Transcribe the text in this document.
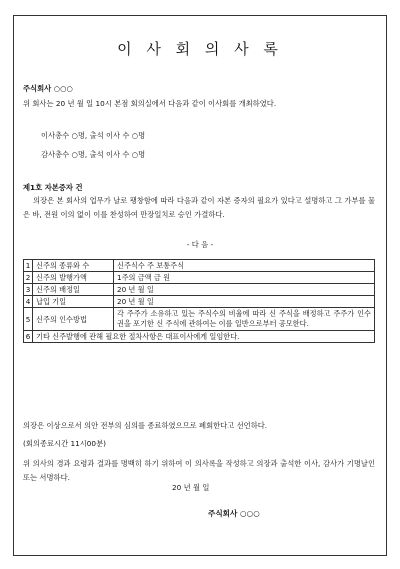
이 사 회 의 사 록
주식회사 ○○○
위 회사는 20 년 월 일 10시 본점 회의실에서 다음과 같이 이사회를 개최하였다.
이사총수 ○명, 출석 이사 수 ○명
감사총수 ○명, 출석 이사 수 ○명
제1호 자본증자 건
의장은 본 회사의 업무가 날로 팽창함에 따라 다음과 같이 자본 증자의 필요가 있다고 설명하고 그 가부를 물은 바, 전원 이의 없이 이를 찬성하여 만장일치로 승인 가결하다.
- 다 음 -
1	신주의 종류와 수	신주식수 주 보통주식
2	신주의 발행가액	1주의 금액 금 원
3	신주의 배정일	20 년 월 일
4	납입 기일	20 년 월 일
5	신주의 인수방법	각 주주가 소유하고 있는 주식수의 비율에 따라 신 주식을 배정하고 주주가 인수권을 포기한 신 주식에 관하여는 이를 일반으로부터 공모한다.
6	기타 신주발행에 관해 필요한 절차사항은 대표이사에게 일임한다.	
의장은 이상으로서 의안 전부의 심의를 종료하였으므로 폐회한다고 선언하다.
(회의종료시간 11시00분)
위 의사의 경과 요령과 결과를 명백히 하기 위하여 이 의사록을 작성하고 의장과 출석한 이사, 감사가 기명날인 또는 서명하다.
20 년 월 일
주식회사 ○○○
